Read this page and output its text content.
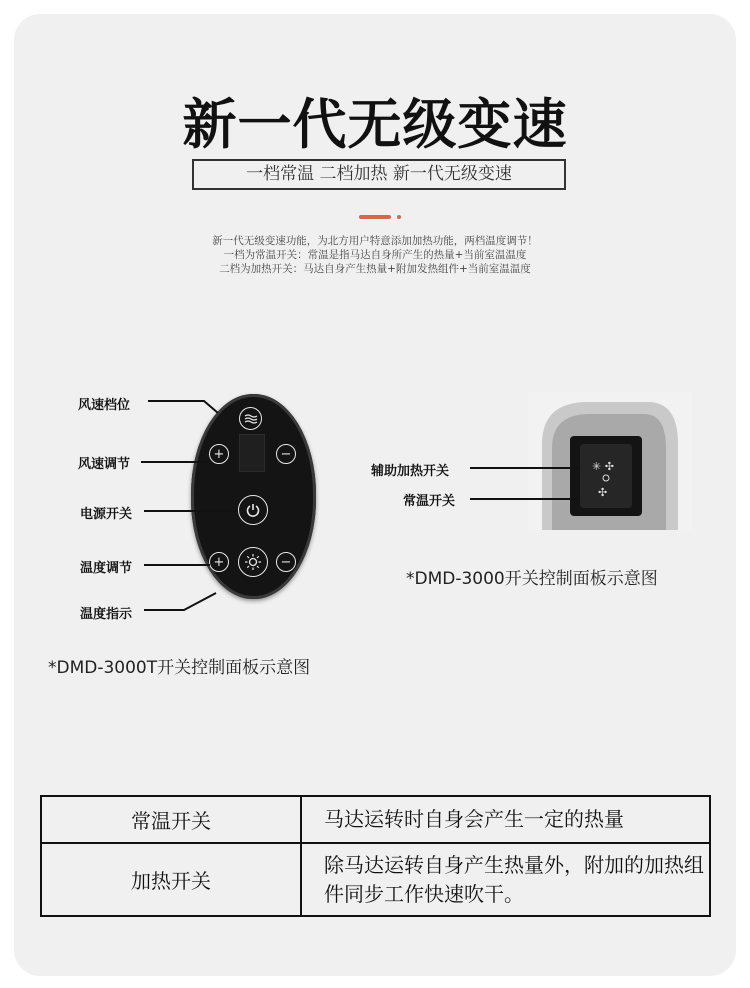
新一代无级变速
一档常温 二档加热 新一代无级变速
新一代无级变速功能，为北方用户特意添加加热功能，两档温度调节！
一档为常温开关：常温是指马达自身所产生的热量+当前室温温度
二档为加热开关：马达自身产生热量+附加发热组件+当前室温温度
+	−
+	−
风速档位
风速调节
电源开关
温度调节
温度指示
*DMD-3000T开关控制面板示意图
✳ ✣
✣
辅助加热开关
常温开关
*DMD-3000开关控制面板示意图
常温开关	马达运转时自身会产生一定的热量
加热开关	除马达运转自身产生热量外，附加的加热组件同步工作快速吹干。
